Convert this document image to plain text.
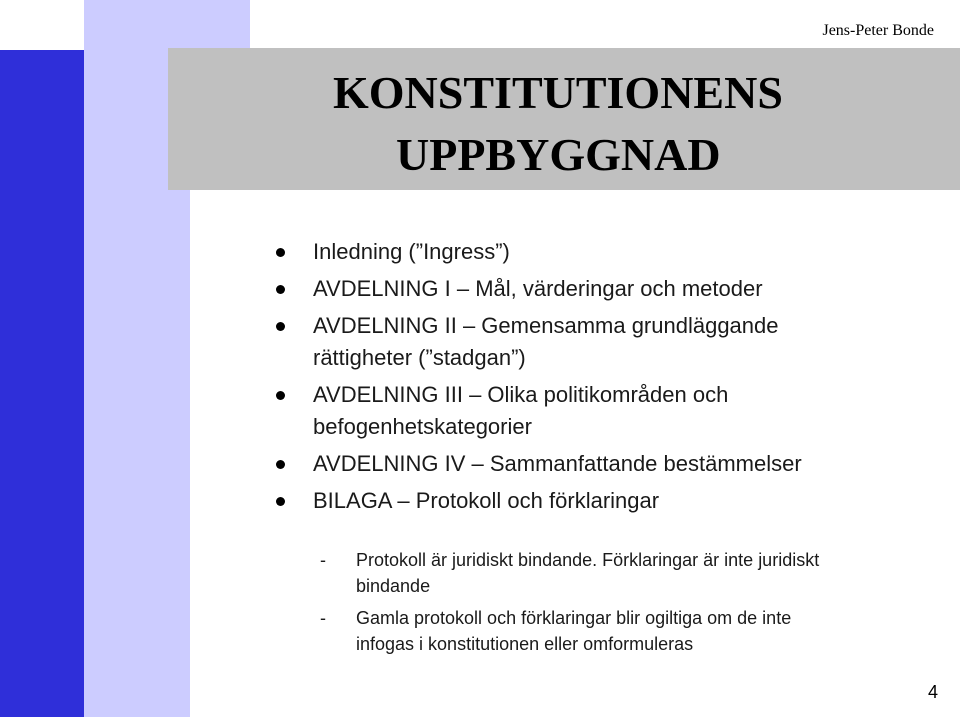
Jens-Peter Bonde
KONSTITUTIONENS
UPPBYGGNAD
Inledning (”Ingress”)
AVDELNING I – Mål, värderingar och metoder
AVDELNING II – Gemensamma grundläggande
rättigheter (”stadgan”)
AVDELNING III – Olika politikområden och
befogenhetskategorier
AVDELNING IV – Sammanfattande bestämmelser
BILAGA – Protokoll och förklaringar
- Protokoll är juridiskt bindande. Förklaringar är inte juridiskt
bindande
- Gamla protokoll och förklaringar blir ogiltiga om de inte
infogas i konstitutionen eller omformuleras
4
